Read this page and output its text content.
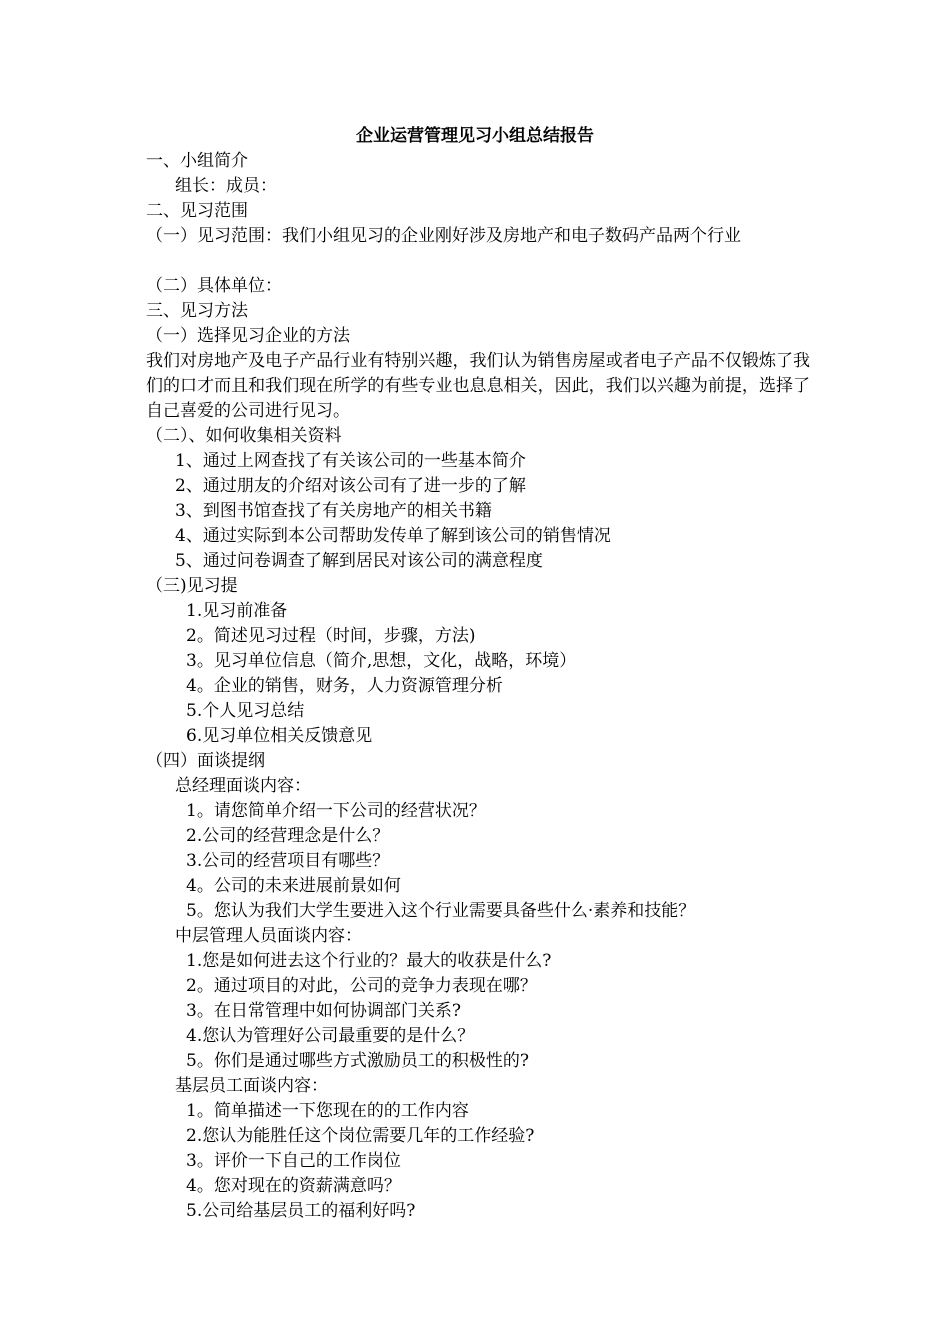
企业运营管理见习小组总结报告
一、小组简介
组长：成员：
二、见习范围
（一）见习范围：我们小组见习的企业刚好涉及房地产和电子数码产品两个行业
（二）具体单位：
三、见习方法
（一）选择见习企业的方法
我们对房地产及电子产品行业有特别兴趣，我们认为销售房屋或者电子产品不仅锻炼了我们的口才而且和我们现在所学的有些专业也息息相关，因此，我们以兴趣为前提，选择了自己喜爱的公司进行见习。
（二）、如何收集相关资料
1、通过上网查找了有关该公司的一些基本简介
2、通过朋友的介绍对该公司有了进一步的了解
3、到图书馆查找了有关房地产的相关书籍
4、通过实际到本公司帮助发传单了解到该公司的销售情况
5、通过问卷调查了解到居民对该公司的满意程度
（三)见习提
1.见习前准备
2。简述见习过程（时间，步骤，方法)
3。见习单位信息（简介,思想，文化，战略，环境）
4。企业的销售，财务，人力资源管理分析
5.个人见习总结
6.见习单位相关反馈意见
（四）面谈提纲
总经理面谈内容：
1。请您简单介绍一下公司的经营状况？
2.公司的经营理念是什么？
3.公司的经营项目有哪些？
4。公司的未来进展前景如何
5。您认为我们大学生要进入这个行业需要具备些什么·素养和技能？
中层管理人员面谈内容：
1.您是如何进去这个行业的？最大的收获是什么?
2。通过项目的对此，公司的竞争力表现在哪？
3。在日常管理中如何协调部门关系?
4.您认为管理好公司最重要的是什么？
5。你们是通过哪些方式激励员工的积极性的?
基层员工面谈内容：
1。简单描述一下您现在的的工作内容
2.您认为能胜任这个岗位需要几年的工作经验?
3。评价一下自己的工作岗位
4。您对现在的资薪满意吗？
5.公司给基层员工的福利好吗?
